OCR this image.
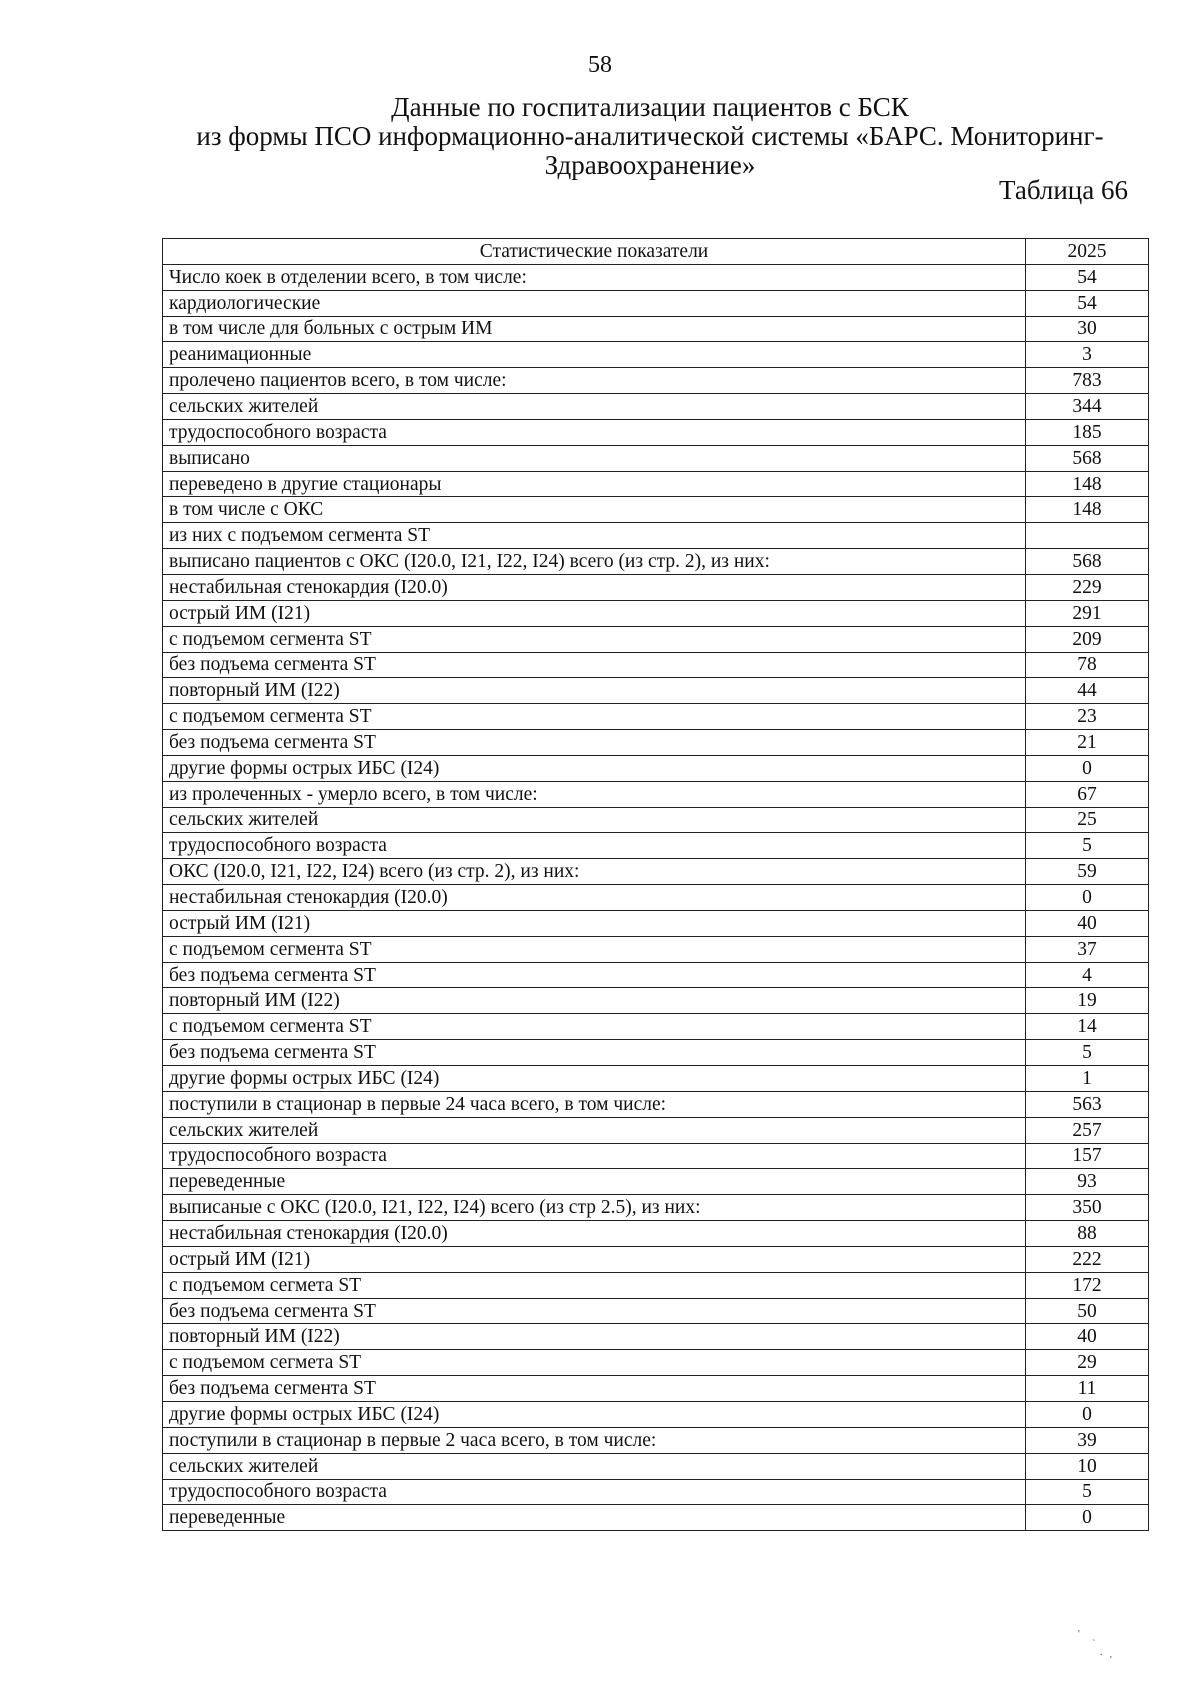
58
Данные по госпитализации пациентов с БСК
из формы ПСО информационно-аналитической системы «БАРС. Мониторинг-
Здравоохранение»
Таблица 66
Статистические показатели	2025
Число коек в отделении всего, в том числе:	54
кардиологические	54
в том числе для больных с острым ИМ	30
реанимационные	3
пролечено пациентов всего, в том числе:	783
сельских жителей	344
трудоспособного возраста	185
выписано	568
переведено в другие стационары	148
в том числе с ОКС	148
из них с подъемом сегмента ST	
выписано пациентов с ОКС (I20.0, I21, I22, I24) всего (из стр. 2), из них:	568
нестабильная стенокардия (I20.0)	229
острый ИМ (I21)	291
с подъемом сегмента ST	209
без подъема сегмента ST	78
повторный ИМ (I22)	44
с подъемом сегмента ST	23
без подъема сегмента ST	21
другие формы острых ИБС (I24)	0
из пролеченных - умерло всего, в том числе:	67
сельских жителей	25
трудоспособного возраста	5
ОКС (I20.0, I21, I22, I24) всего (из стр. 2), из них:	59
нестабильная стенокардия (I20.0)	0
острый ИМ (I21)	40
с подъемом сегмента ST	37
без подъема сегмента ST	4
повторный ИМ (I22)	19
с подъемом сегмента ST	14
без подъема сегмента ST	5
другие формы острых ИБС (I24)	1
поступили в стационар в первые 24 часа всего, в том числе:	563
сельских жителей	257
трудоспособного возраста	157
переведенные	93
выписаные с ОКС (I20.0, I21, I22, I24) всего (из стр 2.5), из них:	350
нестабильная стенокардия (I20.0)	88
острый ИМ (I21)	222
с подъемом сегмета ST	172
без подъема сегмента ST	50
повторный ИМ (I22)	40
с подъемом сегмета ST	29
без подъема сегмента ST	11
другие формы острых ИБС (I24)	0
поступили в стационар в первые 2 часа всего, в том числе:	39
сельских жителей	10
трудоспособного возраста	5
переведенные	0
'
`
.
'
